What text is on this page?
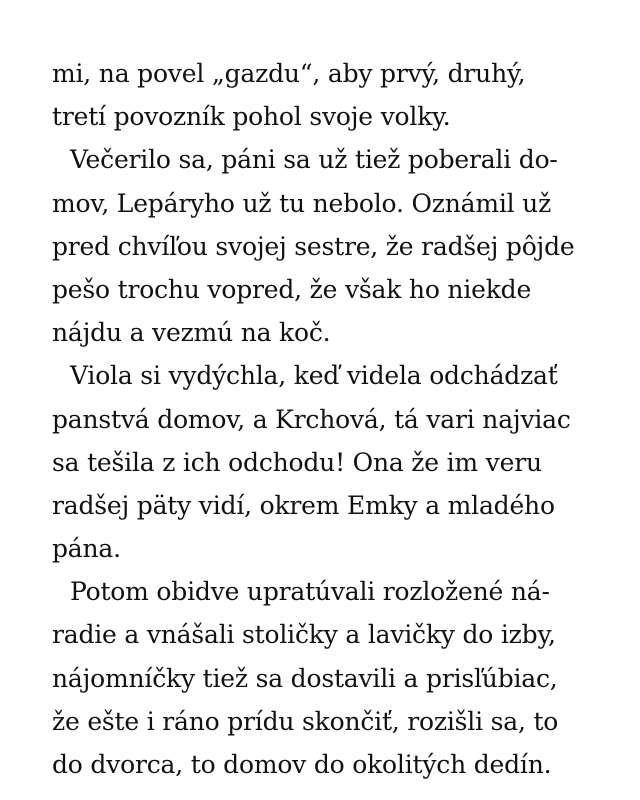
mi, na povel „gazdu“, aby prvý, druhý,
tretí povozník pohol svoje volky.
Večerilo sa, páni sa už tiež poberali do-
mov, Lepáryho už tu nebolo. Oznámil už
pred chvíľou svojej sestre, že radšej pôjde
pešo trochu vopred, že však ho niekde
nájdu a vezmú na koč.
Viola si vydýchla, keď videla odchádzať
panstvá domov, a Krchová, tá vari najviac
sa tešila z ich odchodu! Ona že im veru
radšej päty vidí, okrem Emky a mladého
pána.
Potom obidve upratúvali rozložené ná-
radie a vnášali stoličky a lavičky do izby,
nájomníčky tiež sa dostavili a prisľúbiac,
že ešte i ráno prídu skončiť, rozišli sa, to
do dvorca, to domov do okolitých dedín.
